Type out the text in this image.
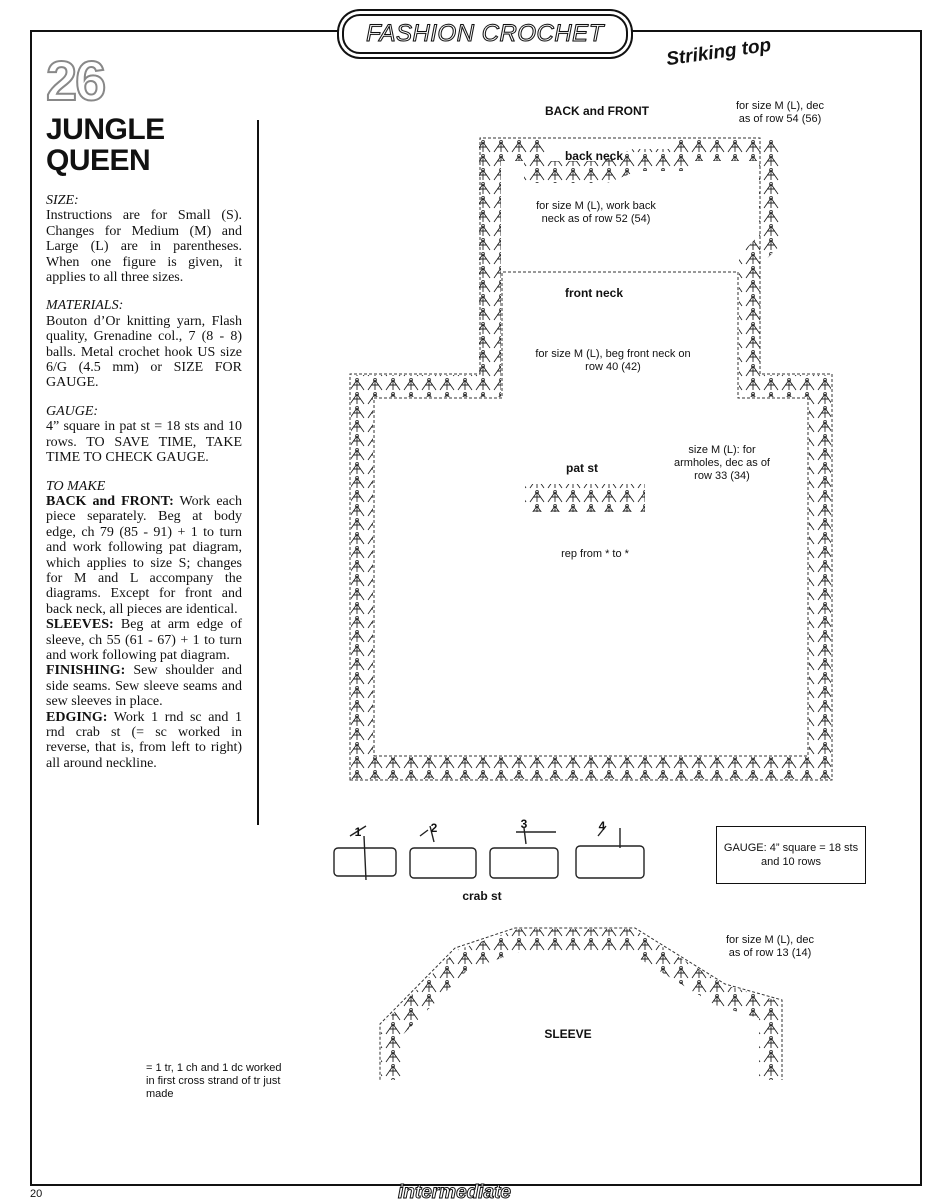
FASHION CROCHET
Striking top
26
JUNGLE
QUEEN

SIZE:

Instructions are for Small (S). Changes for Medium (M) and Large (L) are in parentheses. When one figure is given, it applies to all three sizes.

MATERIALS:

Bouton d’Or knitting yarn, Flash quality, Grenadine col., 7 (8 - 8) balls. Metal crochet hook US size 6/G (4.5 mm) or SIZE FOR GAUGE.

GAUGE:

4” square in pat st = 18 sts and 10 rows. TO SAVE TIME, TAKE TIME TO CHECK GAUGE.

TO MAKE

BACK and FRONT: Work each piece separately. Beg at body edge, ch 79 (85 - 91) + 1 to turn and work following pat diagram, which applies to size S; changes for M and L accompany the diagrams. Except for front and back neck, all pieces are identical.

SLEEVES: Beg at arm edge of sleeve, ch 55 (61 - 67) + 1 to turn and work following pat diagram.

FINISHING: Sew shoulder and side seams. Sew sleeve seams and sew sleeves in place.

EDGING: Work 1 rnd sc and 1 rnd crab st (= sc worked in reverse, that is, from left to right) all around neckline.

BACK and FRONT
back neck
for size M (L), work back neck as of row 52 (54)
for size M (L), dec as of row 54 (56)
front neck
for size M (L), beg front neck on row 40 (42)
size M (L): for armholes, dec as of row 33 (34)
pat st
rep from * to *
1	2	3	4
crab st
GAUGE: 4” square = 18 sts and 10 rows
for size M (L), dec as of row 13 (14)
SLEEVE
= 1 tr, 1 ch and 1 dc worked in first cross strand of tr just made
intermediate
20
